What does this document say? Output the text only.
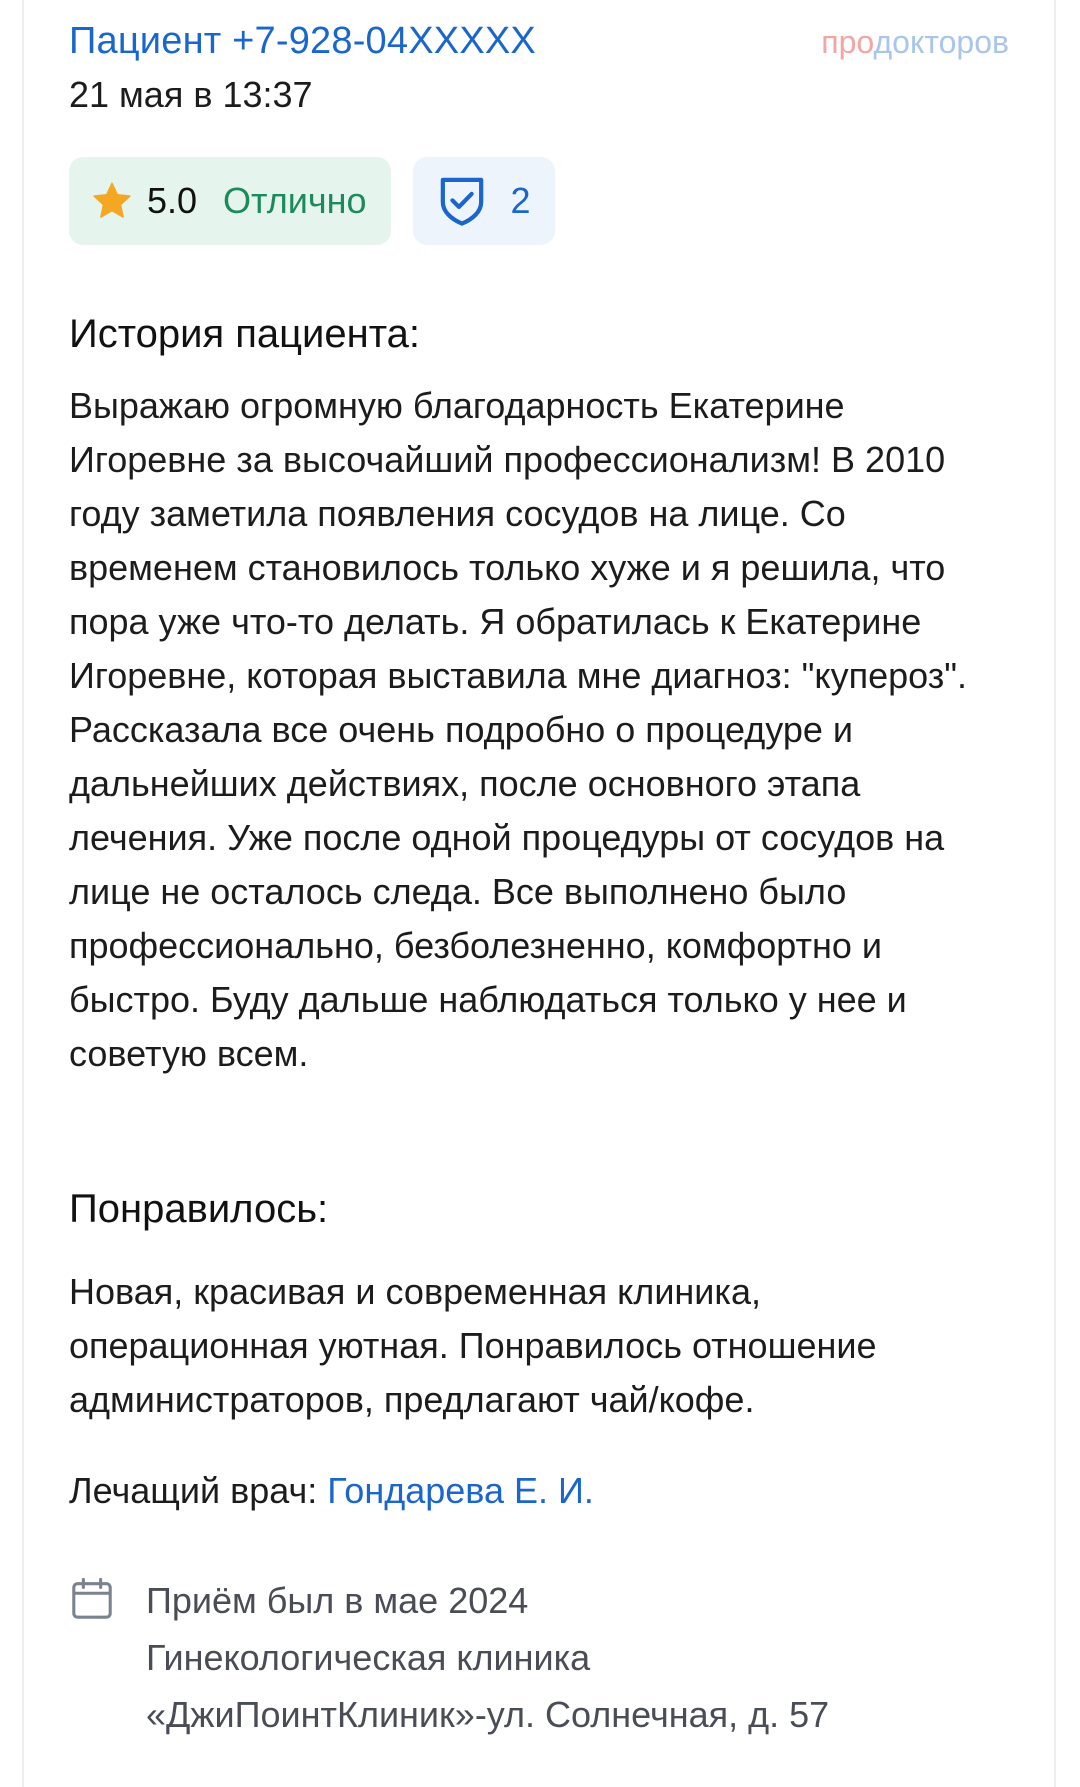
Пациент +7-928-04XXXXX	продокторов
21 мая в 13:37
5.0 Отлично	2
История пациента:
Выражаю огромную благодарность Екатерине Игоревне за высочайший профессионализм! В 2010 году заметила появления сосудов на лице. Со временем становилось только хуже и я решила, что пора уже что-то делать. Я обратилась к Екатерине Игоревне, которая выставила мне диагноз: "купероз". Рассказала все очень подробно о процедуре и дальнейших действиях, после основного этапа лечения. Уже после одной процедуры от сосудов на лице не осталось следа. Все выполнено было профессионально, безболезненно, комфортно и быстро. Буду дальше наблюдаться только у нее и советую всем.
Понравилось:
Новая, красивая и современная клиника, операционная уютная. Понравилось отношение администраторов, предлагают чай/кофе.
Лечащий врач: Гондарева Е. И.
Приём был в мае 2024
Гинекологическая клиника
«ДжиПоинтКлиник»-ул. Солнечная, д. 57
